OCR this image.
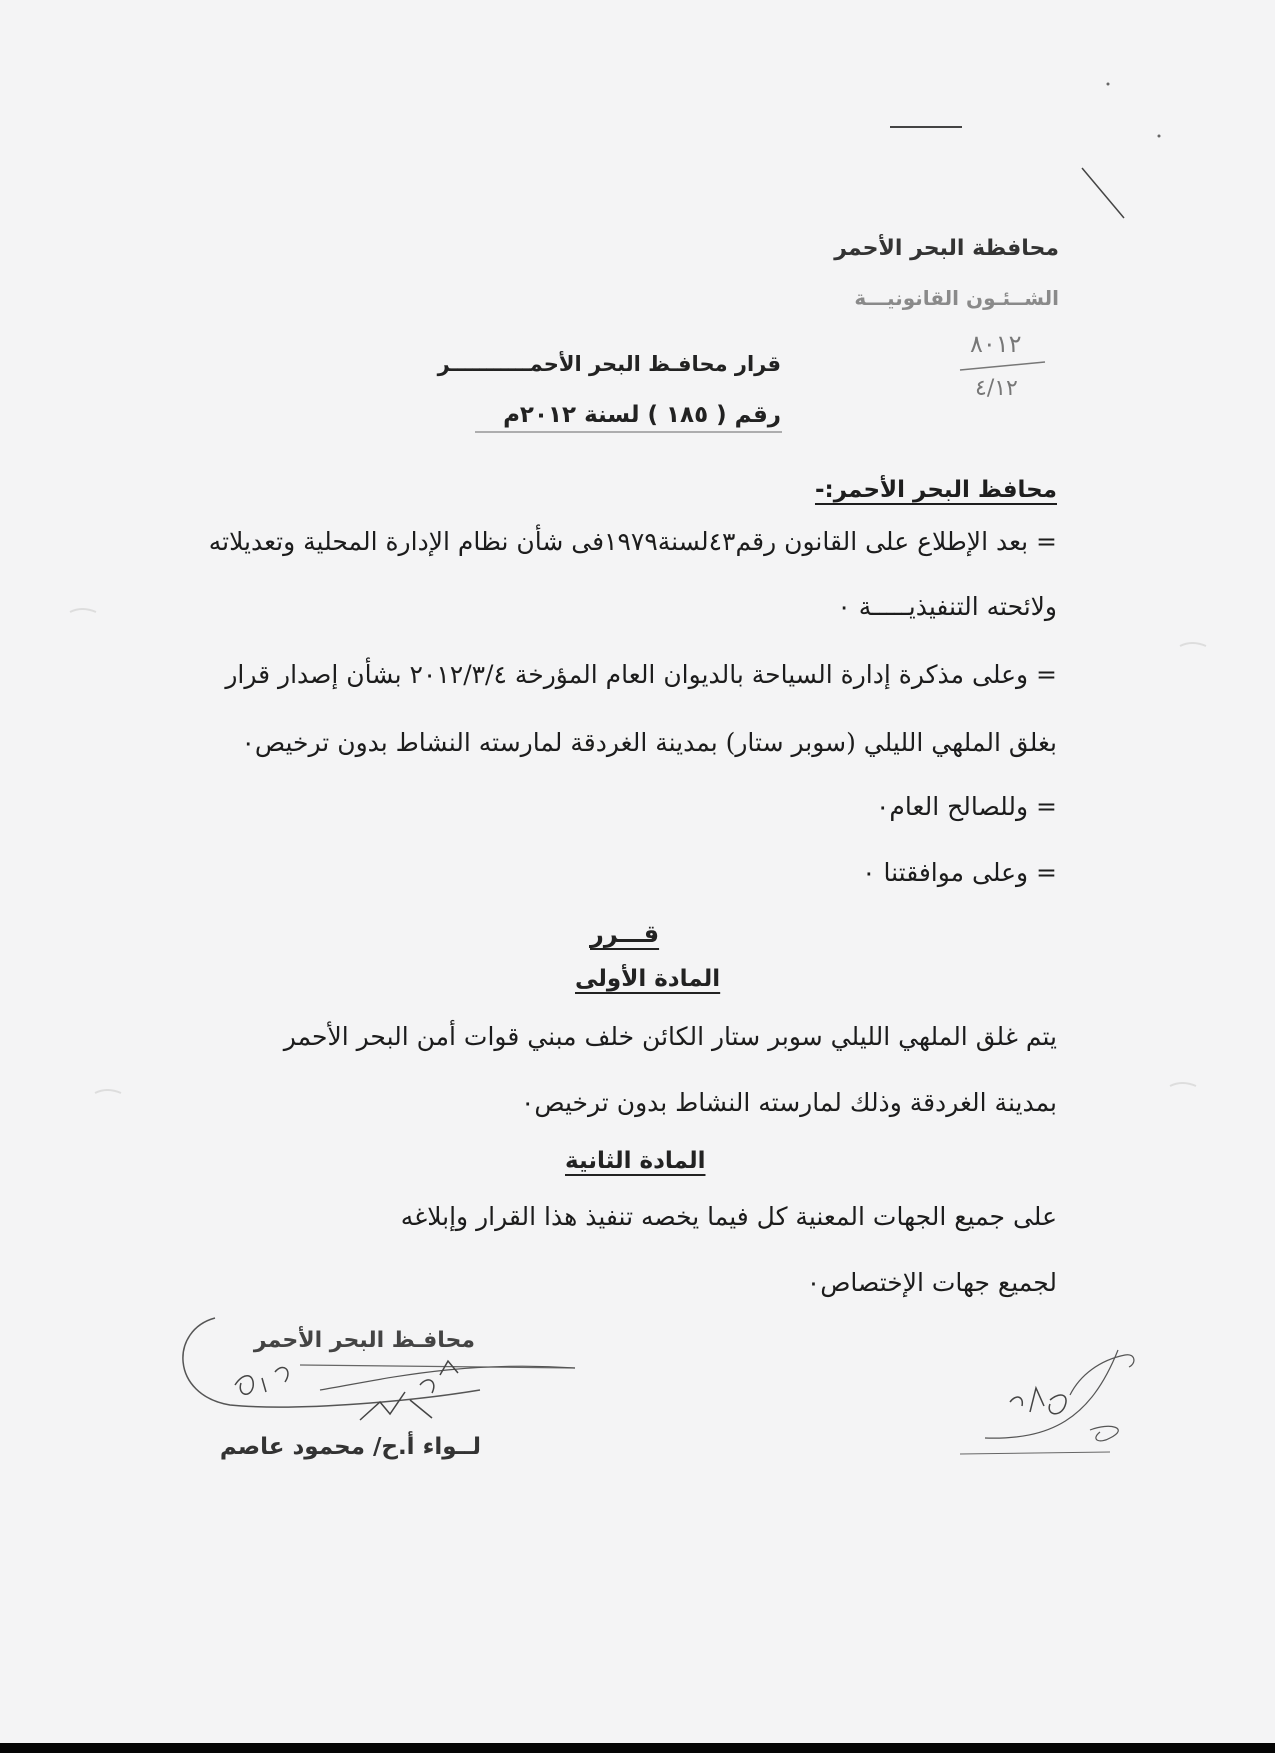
محافظة البحر الأحمر
الشــئـون القانونيـــة
٨٠١٢
٤/١٢
قرار محافـظ البحر الأحمـــــــــــر
رقم ( ١٨٥ ) لسنة ٢٠١٢م
محافظ البحر الأحمر:-
= بعد الإطلاع على القانون رقم٤٣لسنة١٩٧٩فى شأن نظام الإدارة المحلية وتعديلاته
ولائحته التنفيذيـــــة ٠
= وعلى مذكرة إدارة السياحة بالديوان العام المؤرخة ٢٠١٢/٣/٤ بشأن إصدار قرار
بغلق الملهي الليلي (سوبر ستار) بمدينة الغردقة لمارسته النشاط بدون ترخيص٠
= وللصالح العام٠
= وعلى موافقتنا ٠
قـــرر
المادة الأولى
يتم غلق الملهي الليلي سوبر ستار الكائن خلف مبني قوات أمن البحر الأحمر
بمدينة الغردقة وذلك لمارسته النشاط بدون ترخيص٠
المادة الثانية
على جميع الجهات المعنية كل فيما يخصه تنفيذ هذا القرار وإبلاغه
لجميع جهات الإختصاص٠
محافـظ البحر الأحمر
لــواء أ.ح/ محمود عاصم
